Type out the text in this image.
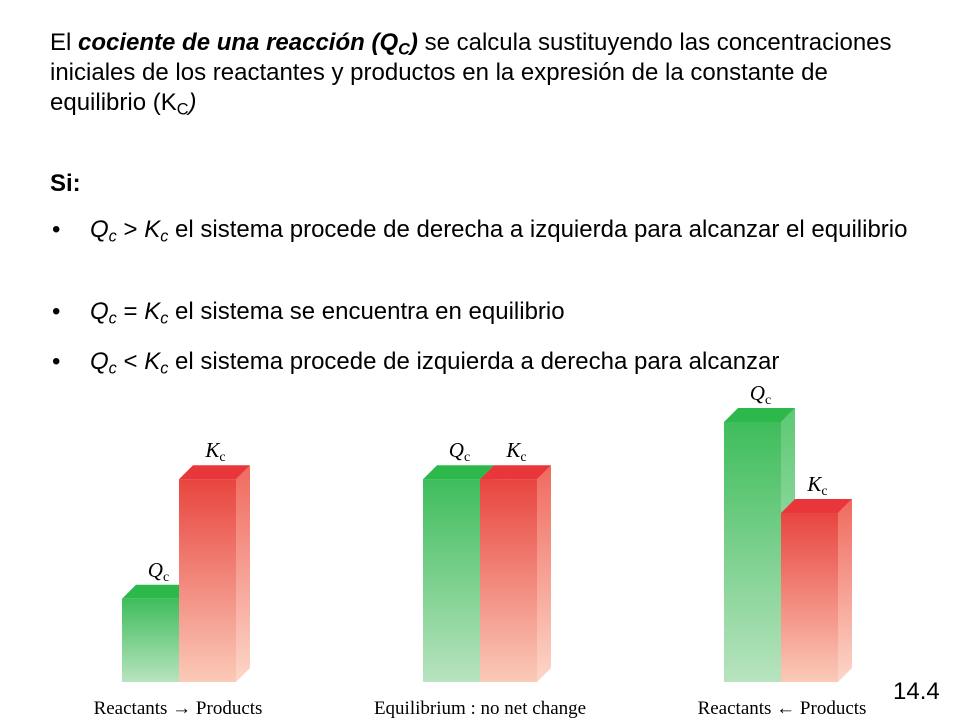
El cociente de una reacción $(Q_C)$ se calcula sustituyendo las concentraciones iniciales de los reactantes y productos en la expresión de la constante de equilibrio $(K_C)$
Si:
• $Q_c > K_c$ el sistema procede de derecha a izquierda para alcanzar el equilibrio
• $Q_c = K_c$ el sistema se encuentra en equilibrio
• $Q_c < K_c$ el sistema procede de izquierda a derecha para alcanzar
Qc
Kc
Reactants → Products
Qc Kc
Equilibrium : no net change
Qc
Kc
Reactants ← Products
14.4
